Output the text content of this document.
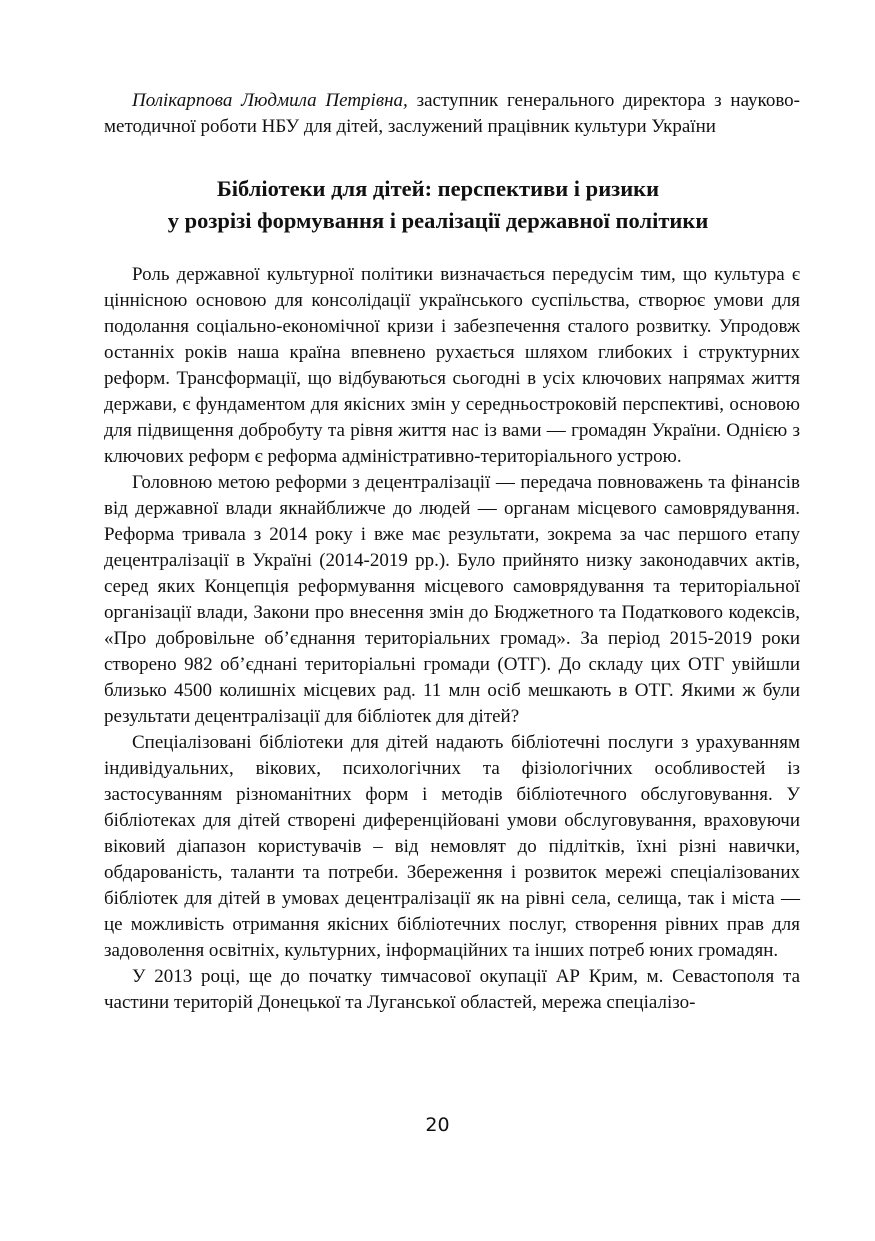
Полікарпова Людмила Петрівна, заступник генерального директора з науково-методичної роботи НБУ для дітей, заслужений працівник культури України

Бібліотеки для дітей: перспективи і ризики
у розрізі формування і реалізації державної політики

Роль державної культурної політики визначається передусім тим, що культура є ціннісною основою для консолідації українського суспільства, створює умови для подолання соціально-економічної кризи і забезпечення сталого розвитку. Упродовж останніх років наша країна впевнено рухається шляхом глибоких і структурних реформ. Трансформації, що відбуваються сьогодні в усіх ключових напрямах життя держави, є фундаментом для якісних змін у середньостроковій перспективі, основою для підвищення добробуту та рівня життя нас із вами — громадян України. Однією з ключових реформ є реформа адміністративно-територіального устрою.

Головною метою реформи з децентралізації — передача повноважень та фінансів від державної влади якнайближче до людей — органам місцевого самоврядування. Реформа тривала з 2014 року і вже має результати, зокрема за час першого етапу децентралізації в Україні (2014-2019 рр.). Було прийнято низку законодавчих актів, серед яких Концепція реформування місцевого самоврядування та територіальної організації влади, Закони про внесення змін до Бюджетного та Податкового кодексів, «Про добровільне об’єднання територіальних громад». За період 2015-2019 роки створено 982 об’єднані територіальні громади (ОТГ). До складу цих ОТГ увійшли близько 4500 колишніх місцевих рад. 11 млн осіб мешкають в ОТГ. Якими ж були результати децентралізації для бібліотек для дітей?

Спеціалізовані бібліотеки для дітей надають бібліотечні послуги з урахуванням індивідуальних, вікових, психологічних та фізіологічних особливостей із застосуванням різноманітних форм і методів бібліотечного обслуговування. У бібліотеках для дітей створені диференційовані умови обслуговування, враховуючи віковий діапазон користувачів – від немовлят до підлітків, їхні різні навички, обдарованість, таланти та потреби. Збереження і розвиток мережі спеціалізованих бібліотек для дітей в умовах децентралізації як на рівні села, селища, так і міста — це можливість отримання якісних бібліотечних послуг, створення рівних прав для задоволення освітніх, культурних, інформаційних та інших потреб юних громадян.

У 2013 році, ще до початку тимчасової окупації АР Крим, м. Севастополя та частини територій Донецької та Луганської областей, мережа спеціалізо-

20
